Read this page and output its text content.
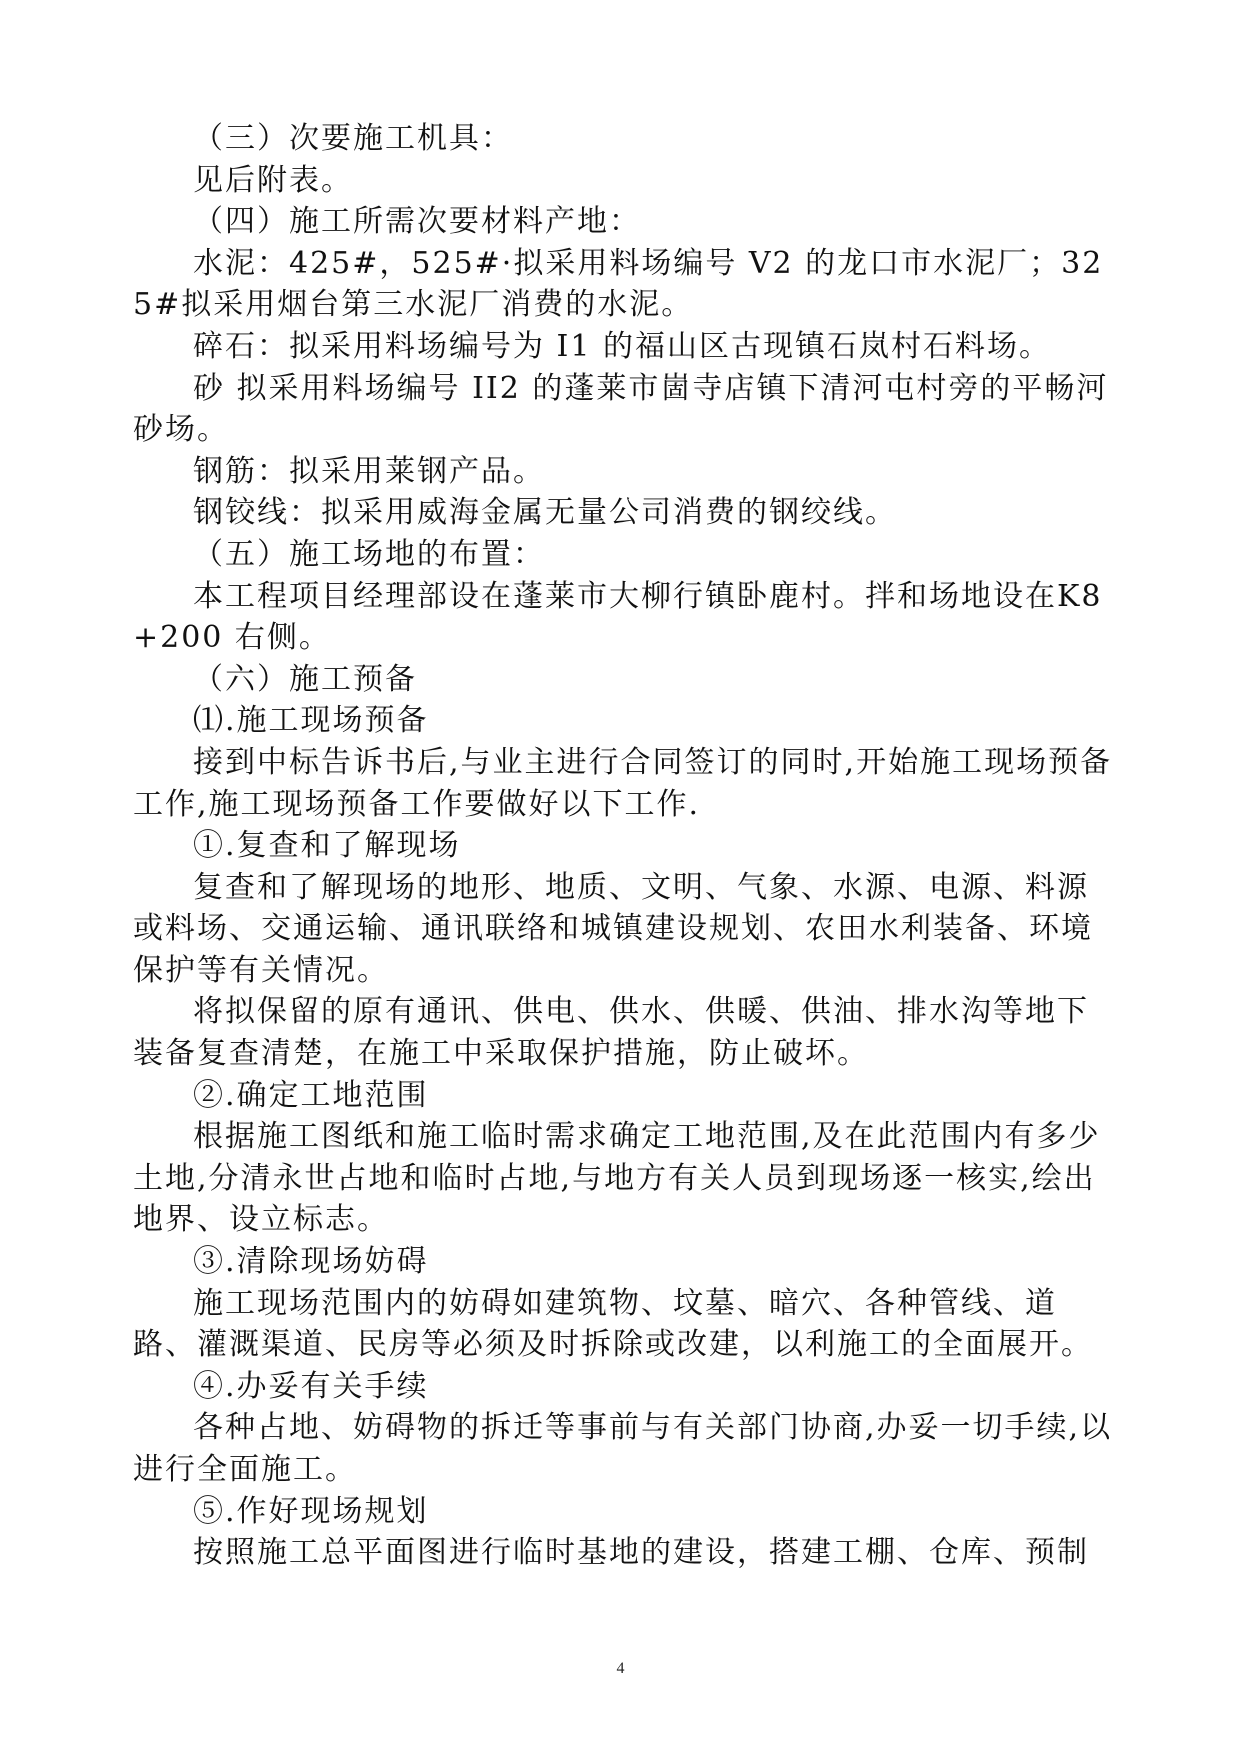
（三）次要施工机具：

见后附表。

（四）施工所需次要材料产地：

水泥：425#，525#·拟采用料场编号 V2 的龙口市水泥厂；325#拟采用烟台第三水泥厂消费的水泥。

碎石：拟采用料场编号为 I1 的福山区古现镇石岚村石料场。

砂 拟采用料场编号 II2 的蓬莱市崮寺店镇下清河屯村旁的平畅河砂场。

钢筋：拟采用莱钢产品。

钢铰线：拟采用威海金属无量公司消费的钢绞线。

（五）施工场地的布置：

本工程项目经理部设在蓬莱市大柳行镇卧鹿村。拌和场地设在K8+200 右侧。

（六）施工预备

⑴.施工现场预备

接到中标告诉书后,与业主进行合同签订的同时,开始施工现场预备工作,施工现场预备工作要做好以下工作.

①.复查和了解现场

复查和了解现场的地形、地质、文明、气象、水源、电源、料源或料场、交通运输、通讯联络和城镇建设规划、农田水利装备、环境保护等有关情况。

将拟保留的原有通讯、供电、供水、供暖、供油、排水沟等地下装备复查清楚，在施工中采取保护措施，防止破坏。

②.确定工地范围

根据施工图纸和施工临时需求确定工地范围,及在此范围内有多少土地,分清永世占地和临时占地,与地方有关人员到现场逐一核实,绘出地界、设立标志。

③.清除现场妨碍

施工现场范围内的妨碍如建筑物、坟墓、暗穴、各种管线、道路、灌溉渠道、民房等必须及时拆除或改建，以利施工的全面展开。

④.办妥有关手续

各种占地、妨碍物的拆迁等事前与有关部门协商,办妥一切手续,以进行全面施工。

⑤.作好现场规划

按照施工总平面图进行临时基地的建设，搭建工棚、仓库、预制

4
